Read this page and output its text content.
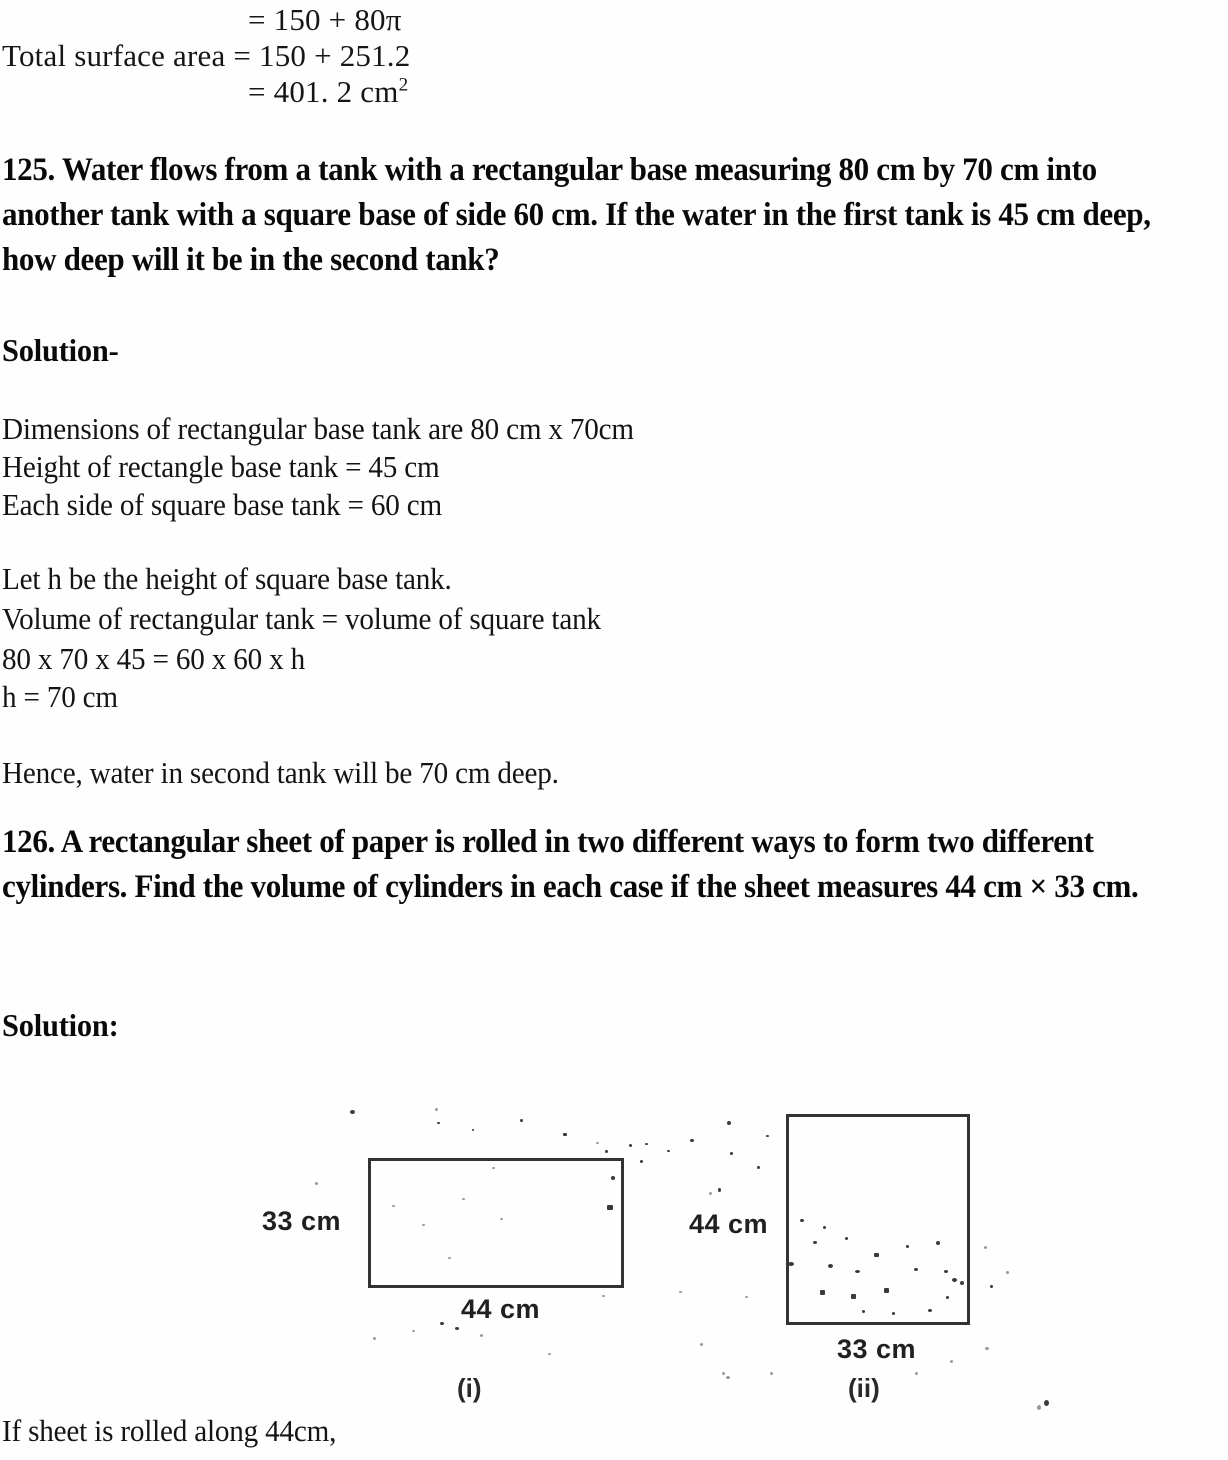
= 150 + 80π
Total surface area = 150 + 251.2
= 401. 2 $cm^2$
125. Water flows from a tank with a rectangular base measuring 80 cm by 70 cm into another tank with a square base of side 60 cm. If the water in the first tank is 45 cm deep, how deep will it be in the second tank?
Solution-
Dimensions of rectangular base tank are 80 cm x 70cm
Height of rectangle base tank = 45 cm
Each side of square base tank = 60 cm
Let h be the height of square base tank.
Volume of rectangular tank = volume of square tank
80 x 70 x 45 = 60 x 60 x h
h = 70 cm
Hence, water in second tank will be 70 cm deep.
126. A rectangular sheet of paper is rolled in two different ways to form two different cylinders. Find the volume of cylinders in each case if the sheet measures 44 cm × 33 cm.
Solution:
33 cm
44 cm
(i)
44 cm
33 cm
(ii)
If sheet is rolled along 44cm,
